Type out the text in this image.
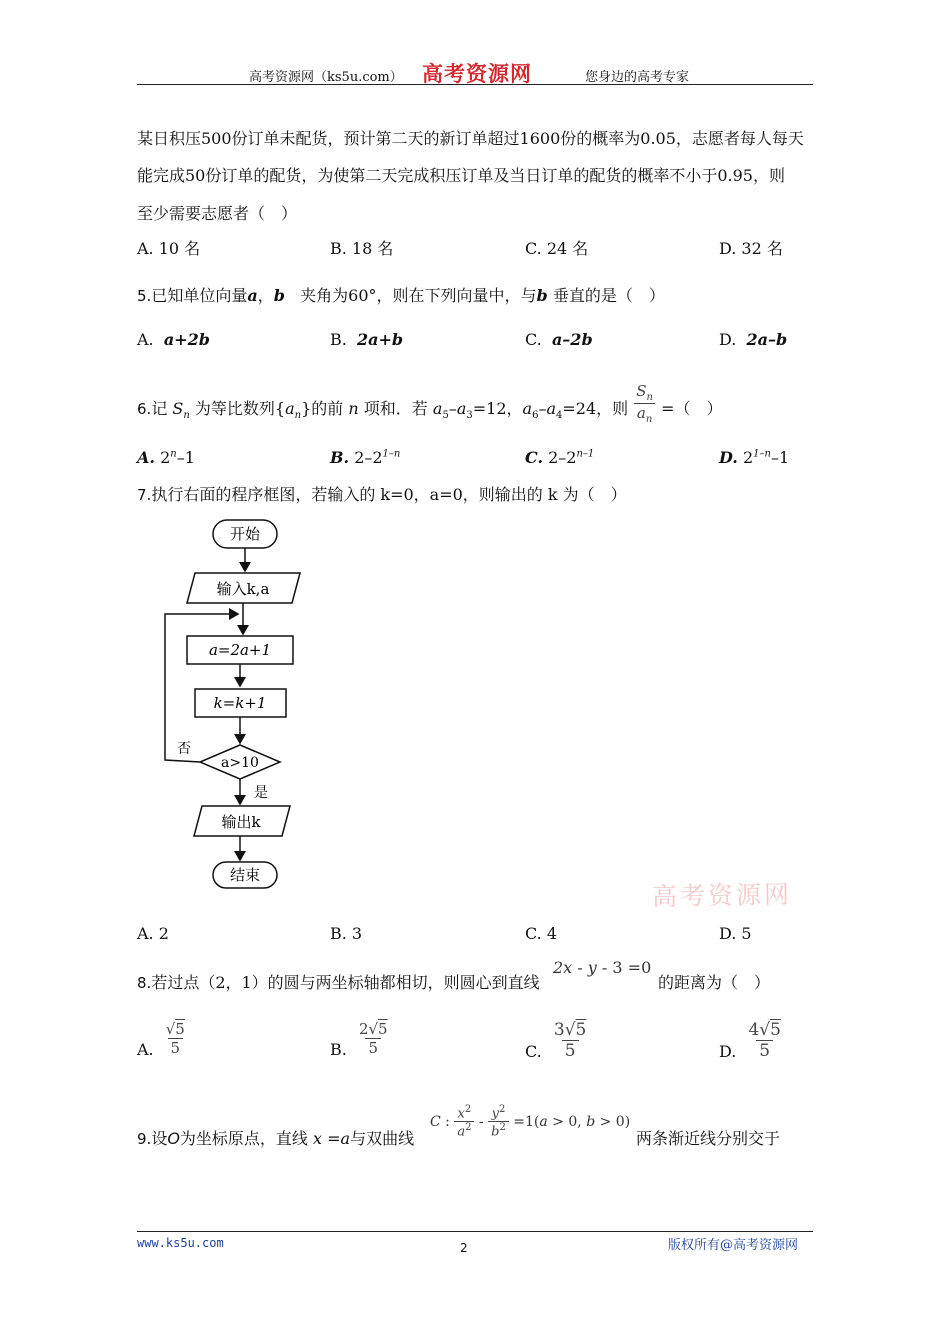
高考资源网（ks5u.com） 高考资源网	您身边的高考专家
某日积压500份订单未配货，预计第二天的新订单超过1600份的概率为0.05，志愿者每人每天
能完成50份订单的配货，为使第二天完成积压订单及当日订单的配货的概率不小于0.95，则
至少需要志愿者（　）
A. 10 名	B. 18 名	C. 24 名	D. 32 名
5.已知单位向量a，b 夹角为60°，则在下列向量中，与b 垂直的是（　）
A. a+2b	B. 2a+b	C. a–2b	D. 2a–b
6.记 $S_n$ 为等比数列$\{a_n\}$的前 n 项和．若 $a_5-a_3=12$，$a_6-a_4=24$，则 $\frac{S_n}{a_n}$ =（　）
A. 2$^n$–1	B. 2–2$^{1-n}$	C. 2–2$^{n-1}$	D. 2$^{1-n}$–1
7.执行右面的程序框图，若输入的 k=0，a=0，则输出的 k 为（　）
开始
输入k,a
a=2a+1
k=k+1
a>10
否
是
输出k
结束
高考资源网
A. 2	B. 3	C. 4	D. 5
8.若过点（2，1）的圆与两坐标轴都相切，则圆心到直线
2x - y - 3 =0
的距离为（　）
A. $\frac{√5}{5}$	B. $\frac{2√5}{5}$	C. $\frac{3√5}{5}$	D. $\frac{4√5}{5}$
9.设O为坐标原点，直线 x =a与双曲线
C : $\frac{x^2}{a^2} - \frac{y^2}{b^2} =1(a > 0$, b > 0)
两条渐近线分别交于
www.ks5u.com	2	版权所有@高考资源网
